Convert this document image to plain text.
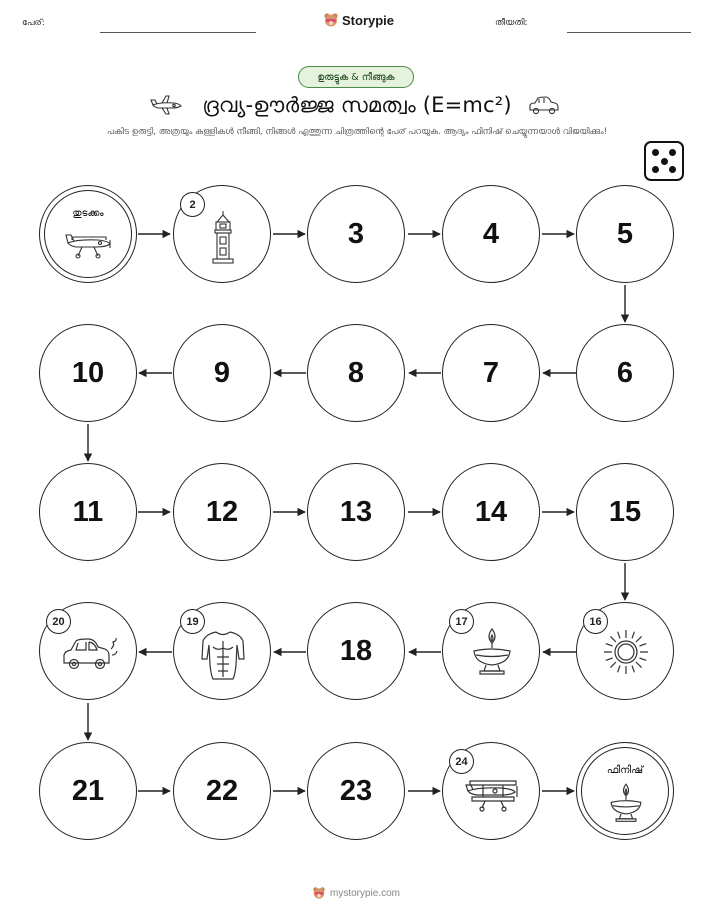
പേര്:	Storypie	തീയതി:
ഉരുട്ടുക & നീങ്ങുക
ദ്രവ്യ-ഊർജ്ജ സമത്വം (E=mc²)
പകിട ഉരുട്ടി, അത്രയും കള്ളികൾ നീങ്ങി, നിങ്ങൾ എത്തുന്ന ചിത്രത്തിന്റെ പേര് പറയുക. ആദ്യം ഫിനിഷ് ചെയ്യുന്നയാൾ വിജയിക്കും!
തുടക്കം
2
3	4	5
6
7
8
9
10
11	12	13	14	15
16
17
18
19
20
21	22	23
24
ഫിനിഷ്
mystorypie.com
